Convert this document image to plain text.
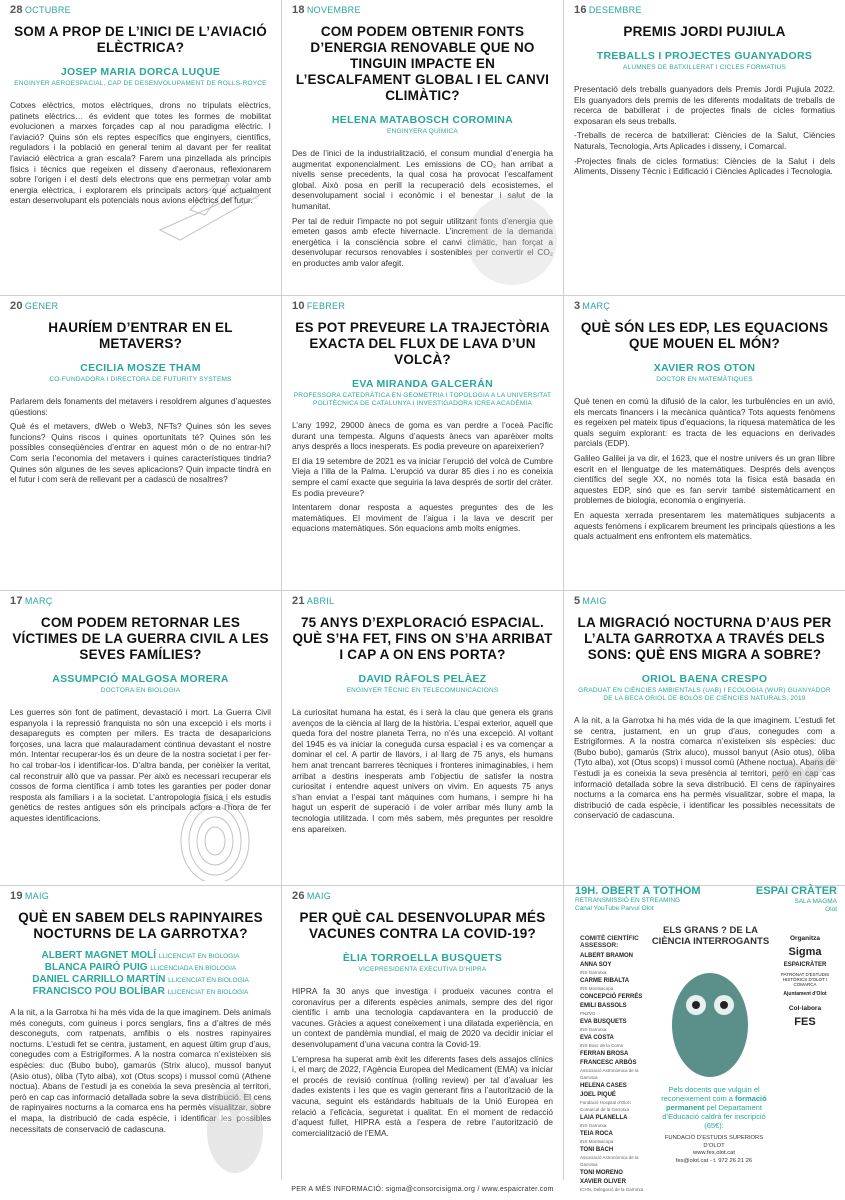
28 OCTUBRE
SOM A PROP DE L’INICI DE L’AVIACIÓ ELÈCTRICA?
JOSEP MARIA DORCA LUQUE
ENGINYER AEROESPACIAL, CAP DE DESENVOLUPAMENT DE ROLLS-ROYCE

Cotxes elèctrics, motos elèctriques, drons no tripulats elèctrics, patinets elèctrics… és evident que totes les formes de mobilitat evolucionen a marxes forçades cap al nou paradigma elèctric. I l’aviació? Quins són els reptes específics que enginyers, científics, reguladors i la població en general tenim al davant per fer realitat l’aviació elèctrica a gran escala? Farem una pinzellada als principis físics i tècnics que regeixen el disseny d’aeronaus, reflexionarem sobre l’origen i el destí dels electrons que ens permetran volar amb energia elèctrica, i explorarem els principals actors que actualment estan desenvolupant els potencials nous avions elèctrics del futur.

18 NOVEMBRE
COM PODEM OBTENIR FONTS D’ENERGIA RENOVABLE QUE NO TINGUIN IMPACTE EN L’ESCALFAMENT GLOBAL I EL CANVI CLIMÀTIC?
HELENA MATABOSCH COROMINA
ENGINYERA QUÍMICA

Des de l’inici de la industrialització, el consum mundial d’energia ha augmentat exponencialment. Les emissions de CO₂ han arribat a nivells sense precedents, la qual cosa ha provocat l’escalfament global. Això posa en perill la recuperació dels ecosistemes, el desenvolupament social i econòmic i el benestar i salut de la humanitat.

Per tal de reduir l’impacte no pot seguir utilitzant fonts d’energia que emeten gasos amb efecte hivernacle. L’increment de la demanda energètica i la consciència sobre el canvi climàtic, han forçat a desenvolupar recursos renovables i sostenibles per convertir el CO₂ en productes amb valor afegit.

16 DESEMBRE
PREMIS JORDI PUJIULA
TREBALLS I PROJECTES GUANYADORS
ALUMNES DE BATXILLERAT I CICLES FORMATIUS

Presentació dels treballs guanyadors dels Premis Jordi Pujiula 2022. Els guanyadors dels premis de les diferents modalitats de treballs de recerca de batxillerat i de projectes finals de cicles formatius exposaran els seus treballs.

-Treballs de recerca de batxillerat: Ciències de la Salut, Ciències Naturals, Tecnologia, Arts Aplicades i disseny, i Comarcal.

-Projectes finals de cicles formatius: Ciències de la Salut i dels Aliments, Disseny Tècnic i Edificació i Ciències Aplicades i Tecnologia.

20 GENER
HAURÍEM D’ENTRAR EN EL METAVERS?
CECILIA MOSZE THAM
CO-FUNDADORA I DIRECTORA DE FUTURITY SYSTEMS

Parlarem dels fonaments del metavers i resoldrem algunes d’aquestes qüestions:

Què és el metavers, dWeb o Web3, NFTs? Quines són les seves funcions? Quins riscos i quines oportunitats té? Quines són les possibles conseqüències d’entrar en aquest món o de no entrar-hi? Com seria l’economia del metavers i quines característiques tindria? Quines són algunes de les seves aplicacions? Quin impacte tindrà en el futur i com serà de rellevant per a cadascú de nosaltres?

10 FEBRER
ES POT PREVEURE LA TRAJECTÒRIA EXACTA DEL FLUX DE LAVA D’UN VOLCÀ?
EVA MIRANDA GALCERÁN
PROFESSORA CATEDRÀTICA EN GEOMETRIA I TOPOLOGIA A LA UNIVERSITAT POLITÈCNICA DE CATALUNYA I INVESTIGADORA ICREA ACADÈMIA

L’any 1992, 29000 ànecs de goma es van perdre a l’oceà Pacífic durant una tempesta. Alguns d’aquests ànecs van aparèixer molts anys després a llocs inesperats. Es podia preveure on apareixerien?

El dia 19 setembre de 2021 es va iniciar l’erupció del volcà de Cumbre Vieja a l’illa de la Palma. L’erupció va durar 85 dies i no es coneixia sempre el camí exacte que seguiria la lava després de sortir del cràter. Es podia preveure?

Intentarem donar resposta a aquestes preguntes des de les matemàtiques. El moviment de l’aigua i la lava ve descrit per equacions matemàtiques. Són equacions amb molts enigmes.

3 MARÇ
QUÈ SÓN LES EDP, LES EQUACIONS QUE MOUEN EL MÓN?
XAVIER ROS OTON
DOCTOR EN MATEMÀTIQUES

Què tenen en comú la difusió de la calor, les turbulències en un avió, els mercats financers i la mecànica quàntica? Tots aquests fenòmens es regeixen pel mateix tipus d’equacions, la riquesa matemàtica de les quals seguim explorant: es tracta de les equacions en derivades parcials (EDP).

Galileo Galilei ja va dir, el 1623, que el nostre univers és un gran llibre escrit en el llenguatge de les matemàtiques. Després dels avenços científics del segle XX, no només tota la física està basada en aquestes EDP, sinó que es fan servir també sistemàticament en problemes de biologia, economia o enginyeria.

En aquesta xerrada presentarem les matemàtiques subjacents a aquests fenòmens i explicarem breument les principals qüestions a les quals actualment ens enfrontem els matemàtics.

17 MARÇ
COM PODEM RETORNAR LES VÍCTIMES DE LA GUERRA CIVIL A LES SEVES FAMÍLIES?
ASSUMPCIÓ MALGOSA MORERA
DOCTORA EN BIOLOGIA

Les guerres són font de patiment, devastació i mort. La Guerra Civil espanyola i la repressió franquista no són una excepció i els morts i desapareguts es compten per milers. Es tracta de desaparicions forçoses, una lacra que malauradament continua devastant el nostre món. Intentar recuperar-los és un deure de la nostra societat i per fer-ho cal trobar-los i identificar-los. D’altra banda, per conèixer la veritat, cal reconstruir allò que va passar. Per això es necessari recuperar els cossos de forma científica i amb totes les garanties per poder donar resposta als familiars i a la societat. L’antropologia física i els estudis genètics de restes antigues són els principals actors a l’hora de fer aquestes identificacions.

21 ABRIL
75 ANYS D’EXPLORACIÓ ESPACIAL. QUÈ S’HA FET, FINS ON S’HA ARRIBAT I CAP A ON ENS PORTA?
DAVID RÀFOLS PELÀEZ
ENGINYER TÈCNIC EN TELECOMUNICACIONS

La curiositat humana ha estat, és i serà la clau que genera els grans avenços de la ciència al llarg de la història. L’espai exterior, aquell que queda fora del nostre planeta Terra, no n’és una excepció. Al voltant del 1945 es va iniciar la coneguda cursa espacial i es va començar a dominar el cel. A partir de llavors, i al llarg de 75 anys, els humans hem anat trencant barreres tècniques i fronteres inimaginables, i hem arribat a destins inesperats amb l’objectiu de satisfer la nostra curiositat i entendre aquest univers on vivim. En aquests 75 anys s’han enviat a l’espai tant màquines com humans, i sempre hi ha hagut un esperit de superació i de voler arribar més lluny amb la tecnologia utilitzada. I com més sabem, més preguntes per resoldre ens apareixen.

5 MAIG
LA MIGRACIÓ NOCTURNA D’AUS PER L’ALTA GARROTXA A TRAVÉS DELS SONS: QUÈ ENS MIGRA A SOBRE?
ORIOL BAENA CRESPO
GRADUAT EN CIÈNCIES AMBIENTALS (UAB) I ECOLOGIA (WUR) GUANYADOR DE LA BECA ORIOL DE BOLÒS DE CIÈNCIES NATURALS, 2019

A la nit, a la Garrotxa hi ha més vida de la que imaginem. L’estudi fet se centra, justament, en un grup d’aus, conegudes com a Estrigiformes. A la nostra comarca n’existeixen sis espècies: duc (Bubo bubo), gamarús (Strix aluco), mussol banyut (Asio otus), òliba (Tyto alba), xot (Otus scops) i mussol comú (Athene noctua). Abans de l’estudi ja es coneixia la seva presència al territori, però en cap cas informació detallada sobre la seva distribució. El cens de rapinyaires nocturns a la comarca ens ha permès visualitzar, sobre el mapa, la distribució de cada espècie, i identificar les possibles necessitats de conservació de cadascuna.

19 MAIG
QUÈ EN SABEM DELS RAPINYAIRES NOCTURNS DE LA GARROTXA?
ALBERT MAGNET MOLÍ LLICENCIAT EN BIOLOGIA
BLANCA PAIRÓ PUIG LLICENCIADA EN BIOLOGIA
DANIEL CARRILLO MARTÍN LLICENCIAT EN BIOLOGIA
FRANCISCO POU BOLÍBAR LLICENCIAT EN BIOLOGIA

A la nit, a la Garrotxa hi ha més vida de la que imaginem. Dels animals més coneguts, com guineus i porcs senglars, fins a d’altres de més desconeguts, com ratpenats, amfibis o els nostres rapinyaires nocturns. L’estudi fet se centra, justament, en aquest últim grup d’aus, conegudes com a Estrigiformes. A la nostra comarca n’existeixen sis espècies: duc (Bubo bubo), gamarús (Strix aluco), mussol banyut (Asio otus), òliba (Tyto alba), xot (Otus scops) i mussol comú (Athene noctua). Abans de l’estudi ja es coneixia la seva presència al territori, però en cap cas informació detallada sobre la seva distribució. El cens de rapinyaires nocturns a la comarca ens ha permès visualitzar, sobre el mapa, la distribució de cada espècie, i identificar les possibles necessitats de conservació de cadascuna.

26 MAIG
PER QUÈ CAL DESENVOLUPAR MÉS VACUNES CONTRA LA COVID-19?
ÈLIA TORROELLA BUSQUETS
VICEPRESIDENTA EXECUTIVA D’HIPRA

HIPRA fa 30 anys que investiga i produeix vacunes contra el coronavirus per a diferents espècies animals, sempre des del rigor científic i amb una tecnologia capdavantera en la producció de vacunes. Gràcies a aquest coneixement i una dilatada experiència, en un context de pandèmia mundial, el maig de 2020 va decidir iniciar el desenvolupament d’una vacuna contra la Covid-19.

L’empresa ha superat amb èxit les diferents fases dels assajos clínics i, el març de 2022, l’Agència Europea del Medicament (EMA) va iniciar el procés de revisió contínua (rolling review) per tal d’avaluar les dades existents i les que es vagin generant fins a l’autorització de la vacuna, seguint els estàndards habituals de la Unió Europea en relació a l’eficàcia, seguretat i qualitat. En el moment de redacció d’aquest fullet, HIPRA està a l’espera de rebre l’autorització de comercialització de l’EMA.

19H. OBERT A TOTHOM
RETRANSMISSIÓ EN STREAMING
Canal YouTube Parvuí Olot
ESPAI CRÀTER
SALA MAGMA
Olot
ELS GRANS ? DE LA CIÈNCIA INTERROGANTS
COMITÈ CIENTÍFIC ASSESSOR:
ALBERT BRAMON
ANNA SOY
INS Garrotxa
CARME RIBALTA
INS Montsacopa
CONCEPCIÓ FERRÉS
EMILI BASSOLS
PNZVG
EVA BUSQUETS
INS Garrotxa
EVA COSTA
INS Bosc de la Coma
FERRAN BROSA
FRANCESC ARBÓS
Associació Astronòmica de la Garrotxa
HELENA CASES
JOEL PIQUÉ
Fundació Hospital d’Olot i Comarcal de la Garrotxa
LAIA PLANELLA
INS Garrotxa
TEIA ROCA
INS Montsacopa
TONI BACH
Associació Astronòmica de la Garrotxa
TONI MORENO
XAVIER OLIVER
ICHN, Delegació de la Garrotxa
Organitza
Sigma
ESPAICRÀTER
PATRONAT D'ESTUDIS HISTÒRICS D'OLOT I COMARCA
Ajuntament d'Olot
Col·labora
FES
Pels docents que vulguin el reconeixement com a formació permanent pel Departament d’Educació caldrà fer inscripció (65€):
FUNDACIÓ D’ESTUDIS SUPERIORS D’OLOT
www.fes.olot.cat
fes@olot.cat - t. 972 26 21 26
PER A MÉS INFORMACIÓ: sigma@consorcisigma.org / www.espaicrater.com
